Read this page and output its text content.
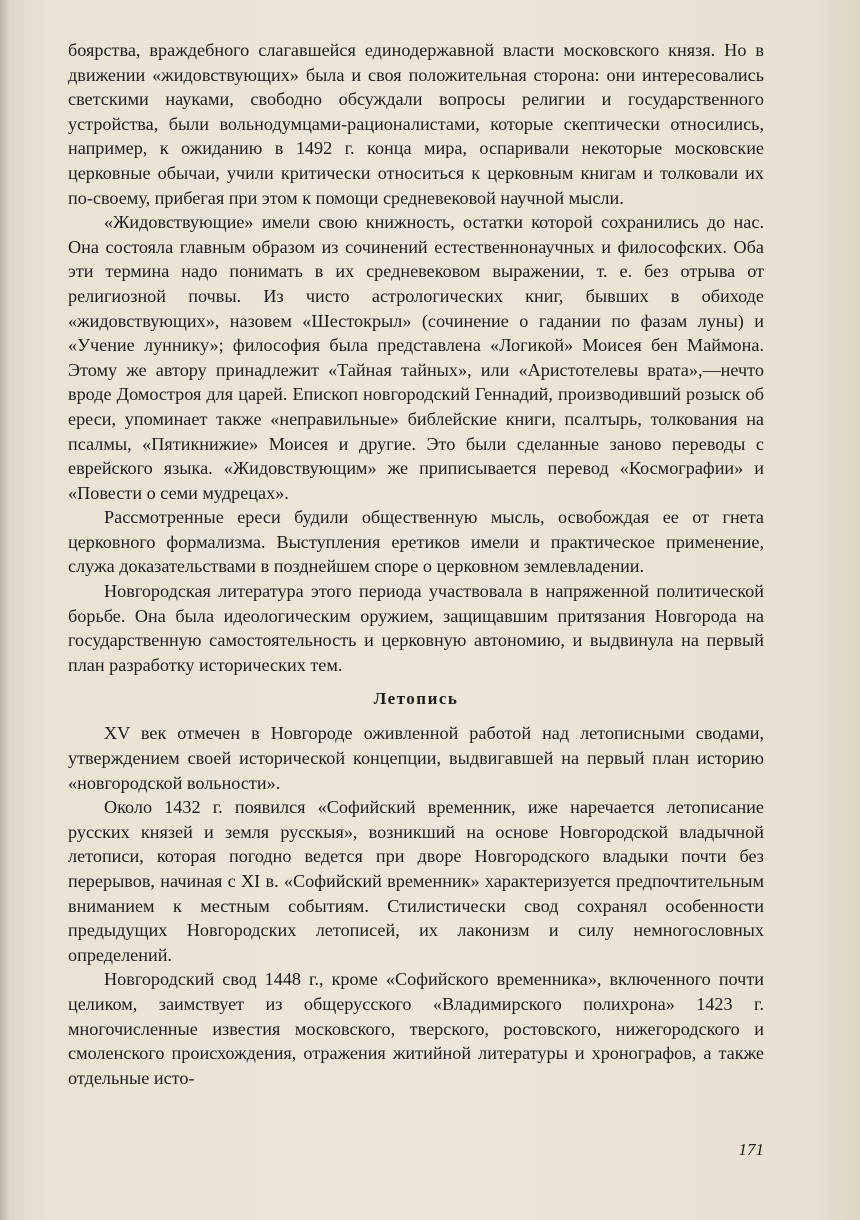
боярства, враждебного слагавшейся единодержавной власти московского князя. Но в движении «жидовствующих» была и своя положительная сторона: они интересовались светскими науками, свободно обсуждали вопросы религии и государственного устройства, были вольнодумцами-рационалистами, которые скептически относились, например, к ожиданию в 1492 г. конца мира, оспаривали некоторые московские церковные обычаи, учили критически относиться к церковным книгам и толковали их по-своему, прибегая при этом к помощи средневековой научной мысли.

«Жидовствующие» имели свою книжность, остатки которой сохранились до нас. Она состояла главным образом из сочинений естественнонаучных и философских. Оба эти термина надо понимать в их средневековом выражении, т. е. без отрыва от религиозной почвы. Из чисто астрологических книг, бывших в обиходе «жидовствующих», назовем «Шестокрыл» (сочинение о гадании по фазам луны) и «Учение луннику»; философия была представлена «Логикой» Моисея бен Маймона. Этому же автору принадлежит «Тайная тайных», или «Аристотелевы врата»,—нечто вроде Домостроя для царей. Епископ новгородский Геннадий, производивший розыск об ереси, упоминает также «неправильные» библейские книги, псалтырь, толкования на псалмы, «Пятикнижие» Моисея и другие. Это были сделанные заново переводы с еврейского языка. «Жидовствующим» же приписывается перевод «Космографии» и «Повести о семи мудрецах».

Рассмотренные ереси будили общественную мысль, освобождая ее от гнета церковного формализма. Выступления еретиков имели и практическое применение, служа доказательствами в позднейшем споре о церковном землевладении.

Новгородская литература этого периода участвовала в напряженной политической борьбе. Она была идеологическим оружием, защищавшим притязания Новгорода на государственную самостоятельность и церковную автономию, и выдвинула на первый план разработку исторических тем.

Летопись

XV век отмечен в Новгороде оживленной работой над летописными сводами, утверждением своей исторической концепции, выдвигавшей на первый план историю «новгородской вольности».

Около 1432 г. появился «Софийский временник, иже наречается летописание русских князей и земля русскыя», возникший на основе Новгородской владычной летописи, которая погодно ведется при дворе Новгородского владыки почти без перерывов, начиная с XI в. «Софийский временник» характеризуется предпочтительным вниманием к местным событиям. Стилистически свод сохранял особенности предыдущих Новгородских летописей, их лаконизм и силу немногословных определений.

Новгородский свод 1448 г., кроме «Софийского временника», включенного почти целиком, заимствует из общерусского «Владимирского полихрона» 1423 г. многочисленные известия московского, тверского, ростовского, нижегородского и смоленского происхождения, отражения житийной литературы и хронографов, а также отдельные исто-

171
